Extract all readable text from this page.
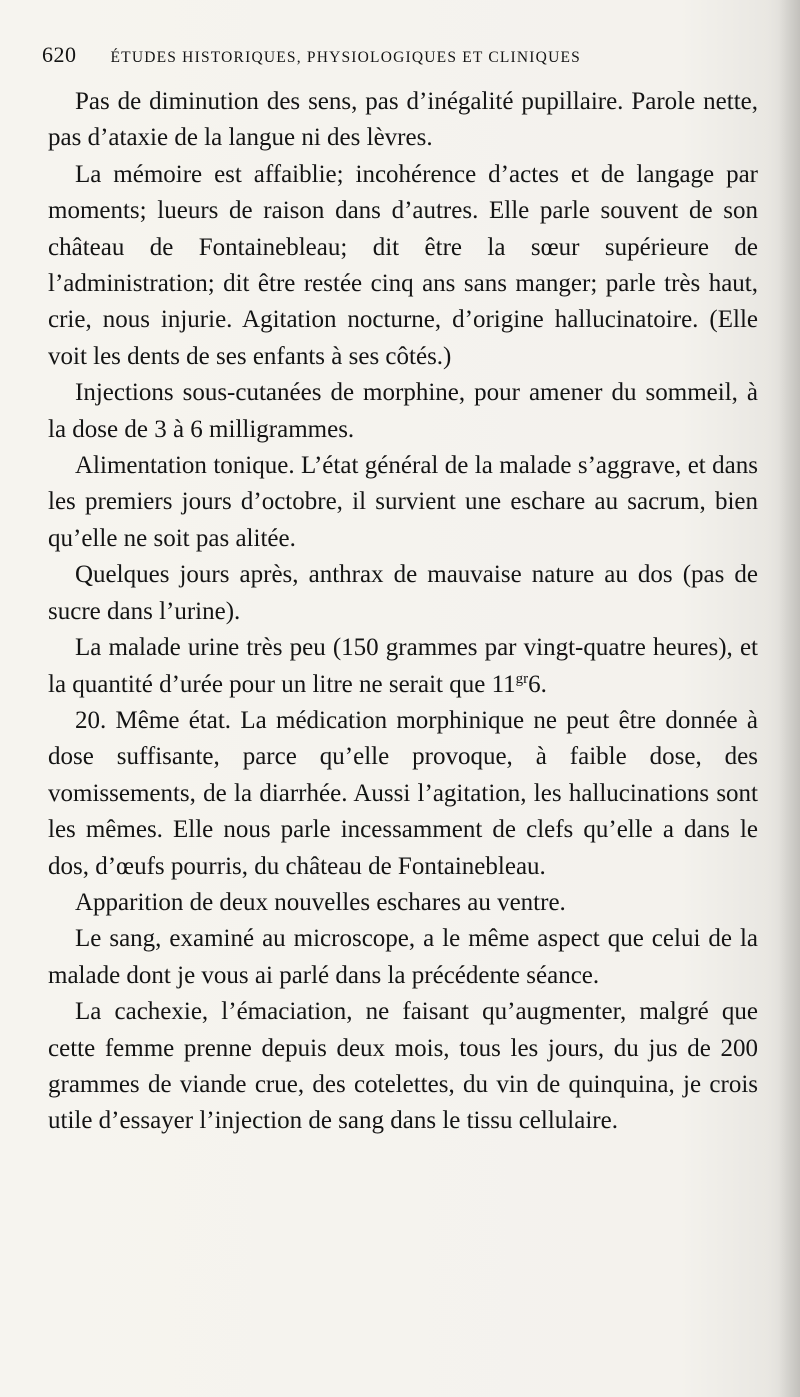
620 ÉTUDES HISTORIQUES, PHYSIOLOGIQUES ET CLINIQUES

Pas de diminution des sens, pas d’inégalité pupillaire. Parole nette, pas d’ataxie de la langue ni des lèvres.

La mémoire est affaiblie; incohérence d’actes et de langage par moments; lueurs de raison dans d’autres. Elle parle souvent de son château de Fontainebleau; dit être la sœur supérieure de l’administration; dit être restée cinq ans sans manger; parle très haut, crie, nous injurie. Agitation nocturne, d’origine hallucinatoire. (Elle voit les dents de ses enfants à ses côtés.)

Injections sous-cutanées de morphine, pour amener du sommeil, à la dose de 3 à 6 milligrammes.

Alimentation tonique. L’état général de la malade s’aggrave, et dans les premiers jours d’octobre, il survient une eschare au sacrum, bien qu’elle ne soit pas alitée.

Quelques jours après, anthrax de mauvaise nature au dos (pas de sucre dans l’urine).

La malade urine très peu (150 grammes par vingt-quatre heures), et la quantité d’urée pour un litre ne serait que $11^{gr}6$.

20. Même état. La médication morphinique ne peut être donnée à dose suffisante, parce qu’elle provoque, à faible dose, des vomissements, de la diarrhée. Aussi l’agitation, les hallucinations sont les mêmes. Elle nous parle incessamment de clefs qu’elle a dans le dos, d’œufs pourris, du château de Fontainebleau.

Apparition de deux nouvelles eschares au ventre.

Le sang, examiné au microscope, a le même aspect que celui de la malade dont je vous ai parlé dans la précédente séance.

La cachexie, l’émaciation, ne faisant qu’augmenter, malgré que cette femme prenne depuis deux mois, tous les jours, du jus de 200 grammes de viande crue, des cotelettes, du vin de quinquina, je crois utile d’essayer l’injection de sang dans le tissu cellulaire.
